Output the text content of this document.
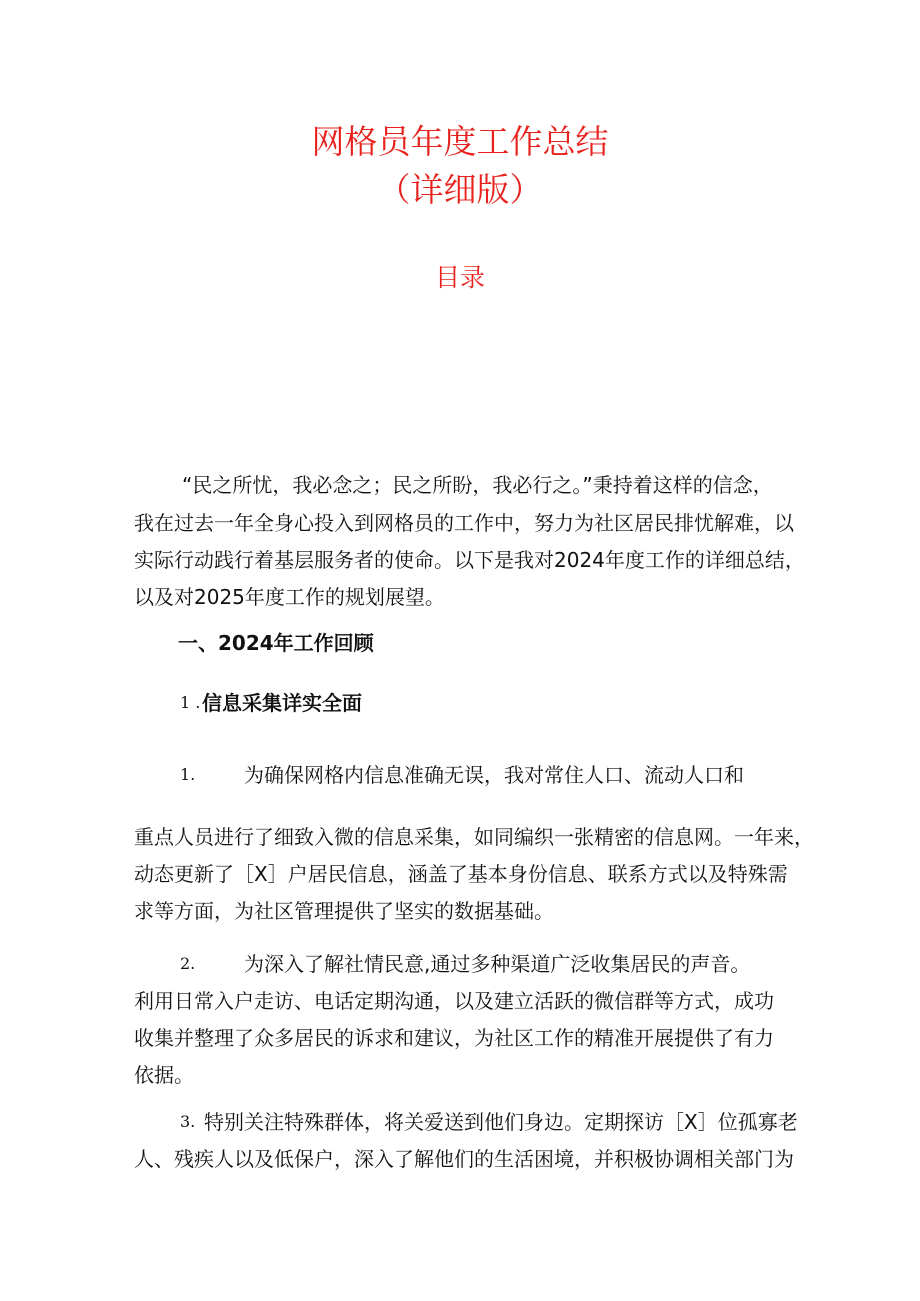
网格员年度工作总结
（详细版）
目录
“民之所忧，我必念之；民之所盼，我必行之。”秉持着这样的信念，
我在过去一年全身心投入到网格员的工作中，努力为社区居民排忧解难，以
实际行动践行着基层服务者的使命。以下是我对2024年度工作的详细总结，
以及对2025年度工作的规划展望。
一、2024年工作回顾
1 . 信息采集详实全面
1. 为确保网格内信息准确无误，我对常住人口、流动人口和
重点人员进行了细致入微的信息采集，如同编织一张精密的信息网。一年来，
动态更新了［X］户居民信息，涵盖了基本身份信息、联系方式以及特殊需
求等方面，为社区管理提供了坚实的数据基础。
2. 为深入了解社情民意,通过多种渠道广泛收集居民的声音。
利用日常入户走访、电话定期沟通，以及建立活跃的微信群等方式，成功
收集并整理了众多居民的诉求和建议，为社区工作的精准开展提供了有力
依据。
3. 特别关注特殊群体，将关爱送到他们身边。定期探访［X］位孤寡老
人、残疾人以及低保户，深入了解他们的生活困境，并积极协调相关部门为
